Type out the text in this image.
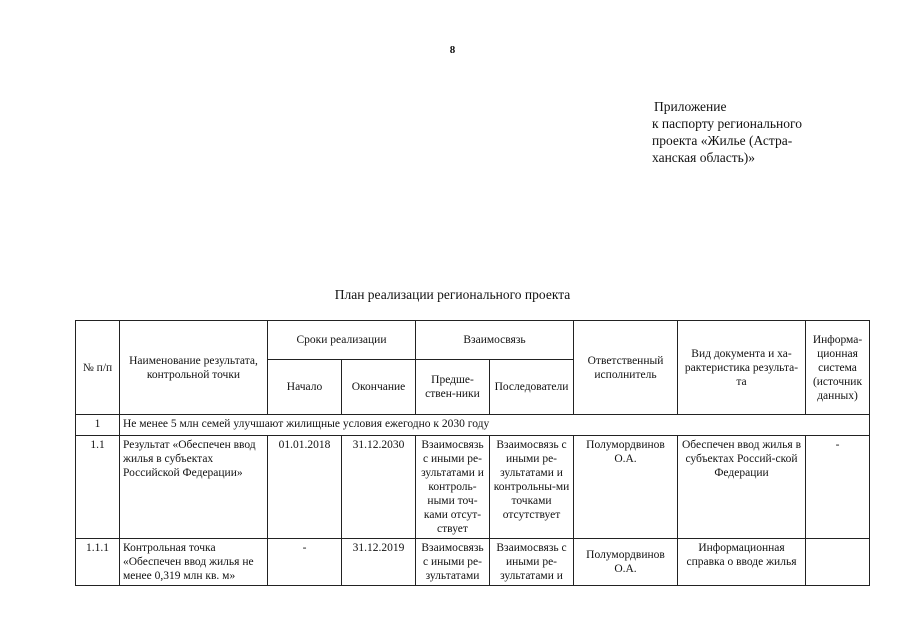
8
Приложение
к паспорту регионального
проекта «Жилье (Астра-
ханская область)»
План реализации регионального проекта
№ п/п	Наименование результата, контрольной точки	Сроки реализации		Взаимосвязь		Ответственный исполнитель	Вид документа и ха-рактеристика результа-та	Информа-ционная система (источник данных)
		Начало	Окончание	Предше-ствен-ники	Последователи			
1	Не менее 5 млн семей улучшают жилищные условия ежегодно к 2030 году							
1.1	Результат «Обеспечен ввод жилья в субъектах Российской Федерации»	01.01.2018	31.12.2030	Взаимосвязь с иными ре-зультатами и контроль-ными точ-ками отсут-ствует	Взаимосвязь с иными ре-зультатами и контрольны-ми точками отсутствует	Полумордвинов О.А.	Обеспечен ввод жилья в субъектах Россий-ской Федерации	-
1.1.1	Контрольная точка «Обеспечен ввод жилья не менее 0,319 млн кв. м»	-	31.12.2019	Взаимосвязь с иными ре-зультатами	Взаимосвязь с иными ре-зультатами и	Полумордвинов О.А.	Информационная справка о вводе жилья	
